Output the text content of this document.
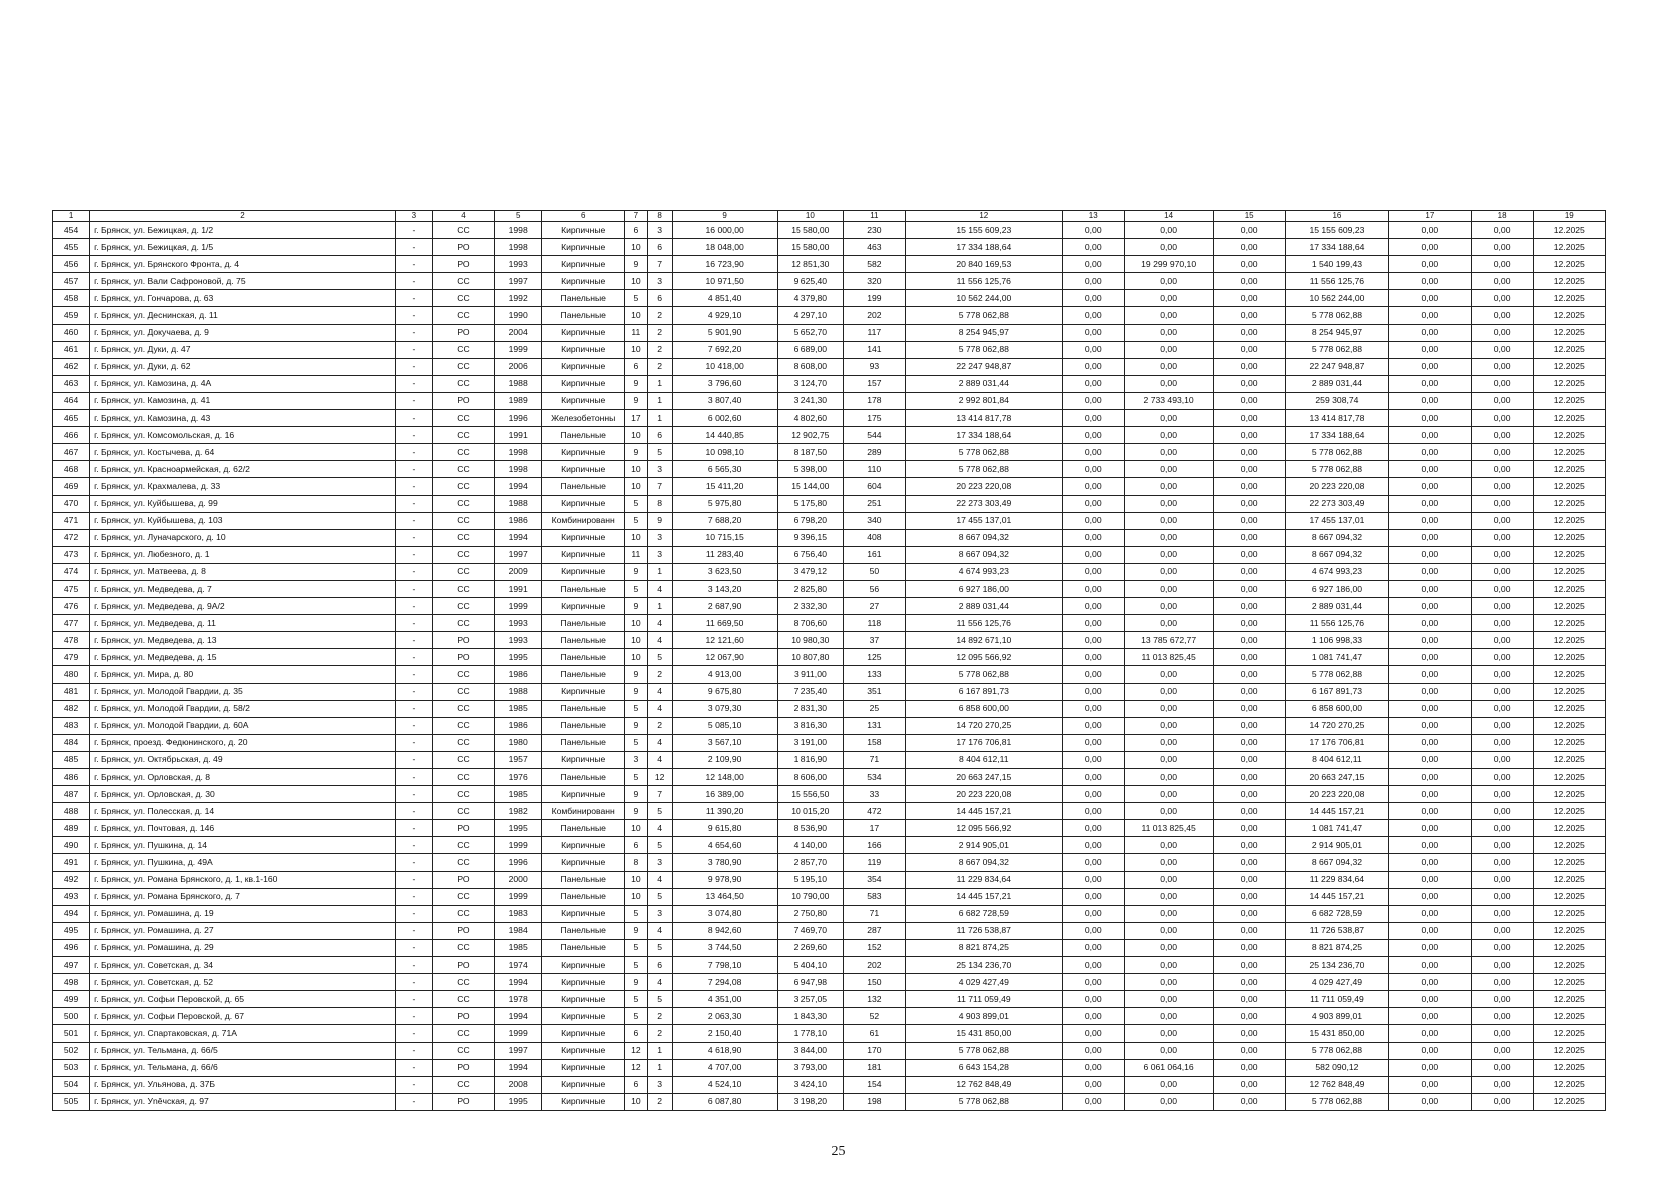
1	2	3	4	5	6	7	8	9	10	11	12	13	14	15	16	17	18	19
454	г. Брянск, ул. Бежицкая, д. 1/2	-	СС	1998	Кирпичные	6	3	16 000,00	15 580,00	230	15 155 609,23	0,00	0,00	0,00	15 155 609,23	0,00	0,00	12.2025
455	г. Брянск, ул. Бежицкая, д. 1/5	-	РО	1998	Кирпичные	10	6	18 048,00	15 580,00	463	17 334 188,64	0,00	0,00	0,00	17 334 188,64	0,00	0,00	12.2025
456	г. Брянск, ул. Брянского Фронта, д. 4	-	РО	1993	Кирпичные	9	7	16 723,90	12 851,30	582	20 840 169,53	0,00	19 299 970,10	0,00	1 540 199,43	0,00	0,00	12.2025
457	г. Брянск, ул. Вали Сафроновой, д. 75	-	СС	1997	Кирпичные	10	3	10 971,50	9 625,40	320	11 556 125,76	0,00	0,00	0,00	11 556 125,76	0,00	0,00	12.2025
458	г. Брянск, ул. Гончарова, д. 63	-	СС	1992	Панельные	5	6	4 851,40	4 379,80	199	10 562 244,00	0,00	0,00	0,00	10 562 244,00	0,00	0,00	12.2025
459	г. Брянск, ул. Деснинская, д. 11	-	СС	1990	Панельные	10	2	4 929,10	4 297,10	202	5 778 062,88	0,00	0,00	0,00	5 778 062,88	0,00	0,00	12.2025
460	г. Брянск, ул. Докучаева, д. 9	-	РО	2004	Кирпичные	11	2	5 901,90	5 652,70	117	8 254 945,97	0,00	0,00	0,00	8 254 945,97	0,00	0,00	12.2025
461	г. Брянск, ул. Дуки, д. 47	-	СС	1999	Кирпичные	10	2	7 692,20	6 689,00	141	5 778 062,88	0,00	0,00	0,00	5 778 062,88	0,00	0,00	12.2025
462	г. Брянск, ул. Дуки, д. 62	-	СС	2006	Кирпичные	6	2	10 418,00	8 608,00	93	22 247 948,87	0,00	0,00	0,00	22 247 948,87	0,00	0,00	12.2025
463	г. Брянск, ул. Камозина, д. 4А	-	СС	1988	Кирпичные	9	1	3 796,60	3 124,70	157	2 889 031,44	0,00	0,00	0,00	2 889 031,44	0,00	0,00	12.2025
464	г. Брянск, ул. Камозина, д. 41	-	РО	1989	Кирпичные	9	1	3 807,40	3 241,30	178	2 992 801,84	0,00	2 733 493,10	0,00	259 308,74	0,00	0,00	12.2025
465	г. Брянск, ул. Камозина, д. 43	-	СС	1996	Железобетонны	17	1	6 002,60	4 802,60	175	13 414 817,78	0,00	0,00	0,00	13 414 817,78	0,00	0,00	12.2025
466	г. Брянск, ул. Комсомольская, д. 16	-	СС	1991	Панельные	10	6	14 440,85	12 902,75	544	17 334 188,64	0,00	0,00	0,00	17 334 188,64	0,00	0,00	12.2025
467	г. Брянск, ул. Костычева, д. 64	-	СС	1998	Кирпичные	9	5	10 098,10	8 187,50	289	5 778 062,88	0,00	0,00	0,00	5 778 062,88	0,00	0,00	12.2025
468	г. Брянск, ул. Красноармейская, д. 62/2	-	СС	1998	Кирпичные	10	3	6 565,30	5 398,00	110	5 778 062,88	0,00	0,00	0,00	5 778 062,88	0,00	0,00	12.2025
469	г. Брянск, ул. Крахмалева, д. 33	-	СС	1994	Панельные	10	7	15 411,20	15 144,00	604	20 223 220,08	0,00	0,00	0,00	20 223 220,08	0,00	0,00	12.2025
470	г. Брянск, ул. Куйбышева, д. 99	-	СС	1988	Кирпичные	5	8	5 975,80	5 175,80	251	22 273 303,49	0,00	0,00	0,00	22 273 303,49	0,00	0,00	12.2025
471	г. Брянск, ул. Куйбышева, д. 103	-	СС	1986	Комбинированн	5	9	7 688,20	6 798,20	340	17 455 137,01	0,00	0,00	0,00	17 455 137,01	0,00	0,00	12.2025
472	г. Брянск, ул. Луначарского, д. 10	-	СС	1994	Кирпичные	10	3	10 715,15	9 396,15	408	8 667 094,32	0,00	0,00	0,00	8 667 094,32	0,00	0,00	12.2025
473	г. Брянск, ул. Любезного, д. 1	-	СС	1997	Кирпичные	11	3	11 283,40	6 756,40	161	8 667 094,32	0,00	0,00	0,00	8 667 094,32	0,00	0,00	12.2025
474	г. Брянск, ул. Матвеева, д. 8	-	СС	2009	Кирпичные	9	1	3 623,50	3 479,12	50	4 674 993,23	0,00	0,00	0,00	4 674 993,23	0,00	0,00	12.2025
475	г. Брянск, ул. Медведева, д. 7	-	СС	1991	Панельные	5	4	3 143,20	2 825,80	56	6 927 186,00	0,00	0,00	0,00	6 927 186,00	0,00	0,00	12.2025
476	г. Брянск, ул. Медведева, д. 9А/2	-	СС	1999	Кирпичные	9	1	2 687,90	2 332,30	27	2 889 031,44	0,00	0,00	0,00	2 889 031,44	0,00	0,00	12.2025
477	г. Брянск, ул. Медведева, д. 11	-	СС	1993	Панельные	10	4	11 669,50	8 706,60	118	11 556 125,76	0,00	0,00	0,00	11 556 125,76	0,00	0,00	12.2025
478	г. Брянск, ул. Медведева, д. 13	-	РО	1993	Панельные	10	4	12 121,60	10 980,30	37	14 892 671,10	0,00	13 785 672,77	0,00	1 106 998,33	0,00	0,00	12.2025
479	г. Брянск, ул. Медведева, д. 15	-	РО	1995	Панельные	10	5	12 067,90	10 807,80	125	12 095 566,92	0,00	11 013 825,45	0,00	1 081 741,47	0,00	0,00	12.2025
480	г. Брянск, ул. Мира, д. 80	-	СС	1986	Панельные	9	2	4 913,00	3 911,00	133	5 778 062,88	0,00	0,00	0,00	5 778 062,88	0,00	0,00	12.2025
481	г. Брянск, ул. Молодой Гвардии, д. 35	-	СС	1988	Кирпичные	9	4	9 675,80	7 235,40	351	6 167 891,73	0,00	0,00	0,00	6 167 891,73	0,00	0,00	12.2025
482	г. Брянск, ул. Молодой Гвардии, д. 58/2	-	СС	1985	Панельные	5	4	3 079,30	2 831,30	25	6 858 600,00	0,00	0,00	0,00	6 858 600,00	0,00	0,00	12.2025
483	г. Брянск, ул. Молодой Гвардии, д. 60А	-	СС	1986	Панельные	9	2	5 085,10	3 816,30	131	14 720 270,25	0,00	0,00	0,00	14 720 270,25	0,00	0,00	12.2025
484	г. Брянск, проезд. Федюнинского, д. 20	-	СС	1980	Панельные	5	4	3 567,10	3 191,00	158	17 176 706,81	0,00	0,00	0,00	17 176 706,81	0,00	0,00	12.2025
485	г. Брянск, ул. Октябрьская, д. 49	-	СС	1957	Кирпичные	3	4	2 109,90	1 816,90	71	8 404 612,11	0,00	0,00	0,00	8 404 612,11	0,00	0,00	12.2025
486	г. Брянск, ул. Орловская, д. 8	-	СС	1976	Панельные	5	12	12 148,00	8 606,00	534	20 663 247,15	0,00	0,00	0,00	20 663 247,15	0,00	0,00	12.2025
487	г. Брянск, ул. Орловская, д. 30	-	СС	1985	Кирпичные	9	7	16 389,00	15 556,50	33	20 223 220,08	0,00	0,00	0,00	20 223 220,08	0,00	0,00	12.2025
488	г. Брянск, ул. Полесская, д. 14	-	СС	1982	Комбинированн	9	5	11 390,20	10 015,20	472	14 445 157,21	0,00	0,00	0,00	14 445 157,21	0,00	0,00	12.2025
489	г. Брянск, ул. Почтовая, д. 146	-	РО	1995	Панельные	10	4	9 615,80	8 536,90	17	12 095 566,92	0,00	11 013 825,45	0,00	1 081 741,47	0,00	0,00	12.2025
490	г. Брянск, ул. Пушкина, д. 14	-	СС	1999	Кирпичные	6	5	4 654,60	4 140,00	166	2 914 905,01	0,00	0,00	0,00	2 914 905,01	0,00	0,00	12.2025
491	г. Брянск, ул. Пушкина, д. 49А	-	СС	1996	Кирпичные	8	3	3 780,90	2 857,70	119	8 667 094,32	0,00	0,00	0,00	8 667 094,32	0,00	0,00	12.2025
492	г. Брянск, ул. Романа Брянского, д. 1, кв.1-160	-	РО	2000	Панельные	10	4	9 978,90	5 195,10	354	11 229 834,64	0,00	0,00	0,00	11 229 834,64	0,00	0,00	12.2025
493	г. Брянск, ул. Романа Брянского, д. 7	-	СС	1999	Панельные	10	5	13 464,50	10 790,00	583	14 445 157,21	0,00	0,00	0,00	14 445 157,21	0,00	0,00	12.2025
494	г. Брянск, ул. Ромашина, д. 19	-	СС	1983	Кирпичные	5	3	3 074,80	2 750,80	71	6 682 728,59	0,00	0,00	0,00	6 682 728,59	0,00	0,00	12.2025
495	г. Брянск, ул. Ромашина, д. 27	-	РО	1984	Панельные	9	4	8 942,60	7 469,70	287	11 726 538,87	0,00	0,00	0,00	11 726 538,87	0,00	0,00	12.2025
496	г. Брянск, ул. Ромашина, д. 29	-	СС	1985	Панельные	5	5	3 744,50	2 269,60	152	8 821 874,25	0,00	0,00	0,00	8 821 874,25	0,00	0,00	12.2025
497	г. Брянск, ул. Советская, д. 34	-	РО	1974	Кирпичные	5	6	7 798,10	5 404,10	202	25 134 236,70	0,00	0,00	0,00	25 134 236,70	0,00	0,00	12.2025
498	г. Брянск, ул. Советская, д. 52	-	СС	1994	Кирпичные	9	4	7 294,08	6 947,98	150	4 029 427,49	0,00	0,00	0,00	4 029 427,49	0,00	0,00	12.2025
499	г. Брянск, ул. Софьи Перовской, д. 65	-	СС	1978	Кирпичные	5	5	4 351,00	3 257,05	132	11 711 059,49	0,00	0,00	0,00	11 711 059,49	0,00	0,00	12.2025
500	г. Брянск, ул. Софьи Перовской, д. 67	-	РО	1994	Кирпичные	5	2	2 063,30	1 843,30	52	4 903 899,01	0,00	0,00	0,00	4 903 899,01	0,00	0,00	12.2025
501	г. Брянск, ул. Спартаковская, д. 71А	-	СС	1999	Кирпичные	6	2	2 150,40	1 778,10	61	15 431 850,00	0,00	0,00	0,00	15 431 850,00	0,00	0,00	12.2025
502	г. Брянск, ул. Тельмана, д. 66/5	-	СС	1997	Кирпичные	12	1	4 618,90	3 844,00	170	5 778 062,88	0,00	0,00	0,00	5 778 062,88	0,00	0,00	12.2025
503	г. Брянск, ул. Тельмана, д. 66/6	-	РО	1994	Кирпичные	12	1	4 707,00	3 793,00	181	6 643 154,28	0,00	6 061 064,16	0,00	582 090,12	0,00	0,00	12.2025
504	г. Брянск, ул. Ульянова, д. 37Б	-	СС	2008	Кирпичные	6	3	4 524,10	3 424,10	154	12 762 848,49	0,00	0,00	0,00	12 762 848,49	0,00	0,00	12.2025
505	г. Брянск, ул. Уněчская, д. 97	-	РО	1995	Кирпичные	10	2	6 087,80	3 198,20	198	5 778 062,88	0,00	0,00	0,00	5 778 062,88	0,00	0,00	12.2025
25
